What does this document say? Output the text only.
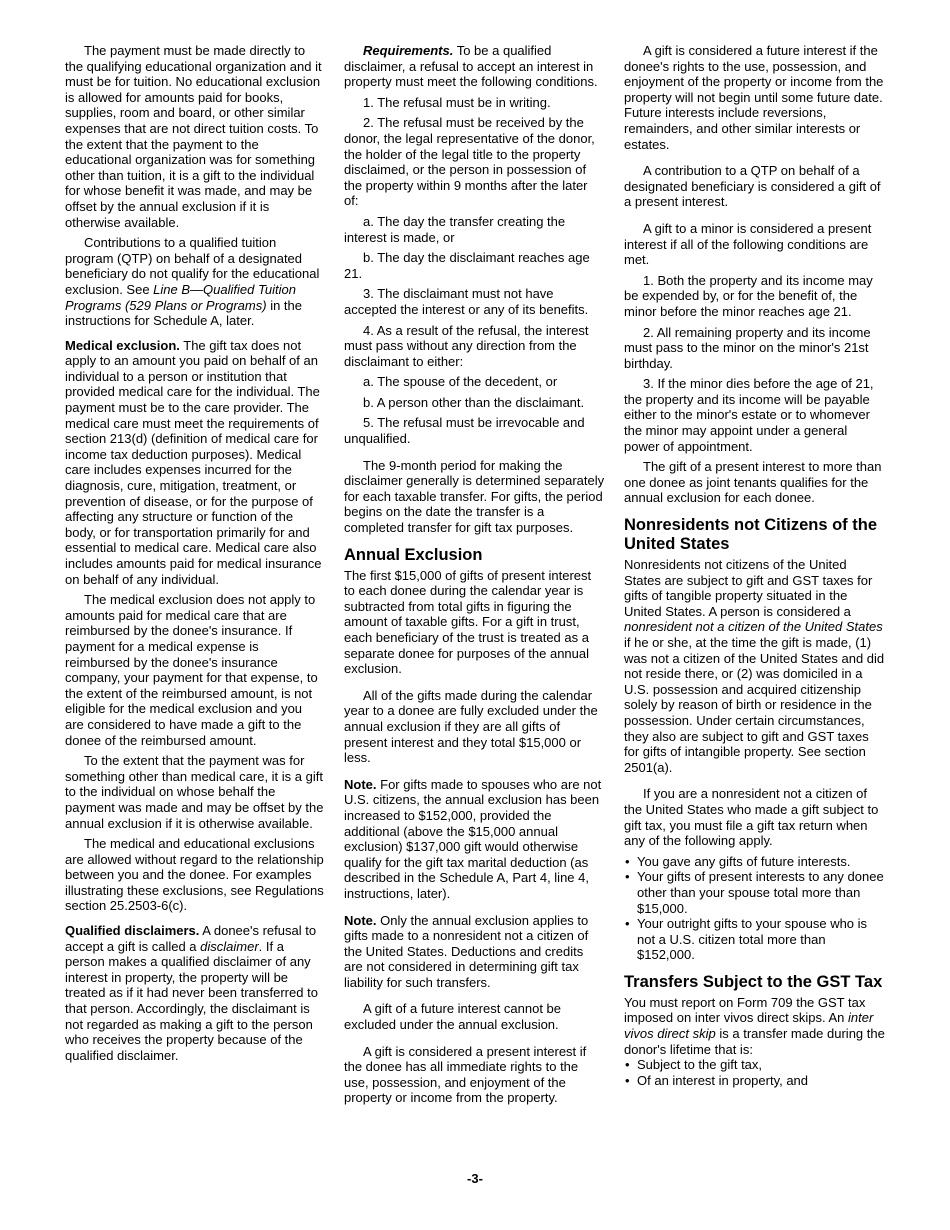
The payment must be made directly to the qualifying educational organization and it must be for tuition. No educational exclusion is allowed for amounts paid for books, supplies, room and board, or other similar expenses that are not direct tuition costs. To the extent that the payment to the educational organization was for something other than tuition, it is a gift to the individual for whose benefit it was made, and may be offset by the annual exclusion if it is otherwise available.

Contributions to a qualified tuition program (QTP) on behalf of a designated beneficiary do not qualify for the educational exclusion. See Line B—Qualified Tuition Programs (529 Plans or Programs) in the instructions for Schedule A, later.

Medical exclusion. The gift tax does not apply to an amount you paid on behalf of an individual to a person or institution that provided medical care for the individual. The payment must be to the care provider. The medical care must meet the requirements of section 213(d) (definition of medical care for income tax deduction purposes). Medical care includes expenses incurred for the diagnosis, cure, mitigation, treatment, or prevention of disease, or for the purpose of affecting any structure or function of the body, or for transportation primarily for and essential to medical care. Medical care also includes amounts paid for medical insurance on behalf of any individual.

The medical exclusion does not apply to amounts paid for medical care that are reimbursed by the donee's insurance. If payment for a medical expense is reimbursed by the donee's insurance company, your payment for that expense, to the extent of the reimbursed amount, is not eligible for the medical exclusion and you are considered to have made a gift to the donee of the reimbursed amount.

To the extent that the payment was for something other than medical care, it is a gift to the individual on whose behalf the payment was made and may be offset by the annual exclusion if it is otherwise available.

The medical and educational exclusions are allowed without regard to the relationship between you and the donee. For examples illustrating these exclusions, see Regulations section 25.2503-6(c).

Qualified disclaimers. A donee's refusal to accept a gift is called a disclaimer. If a person makes a qualified disclaimer of any interest in property, the property will be treated as if it had never been transferred to that person. Accordingly, the disclaimant is not regarded as making a gift to the person who receives the property because of the qualified disclaimer.

Requirements. To be a qualified disclaimer, a refusal to accept an interest in property must meet the following conditions.

1. The refusal must be in writing.

2. The refusal must be received by the donor, the legal representative of the donor, the holder of the legal title to the property disclaimed, or the person in possession of the property within 9 months after the later of:

a. The day the transfer creating the interest is made, or

b. The day the disclaimant reaches age 21.

3. The disclaimant must not have accepted the interest or any of its benefits.

4. As a result of the refusal, the interest must pass without any direction from the disclaimant to either:

a. The spouse of the decedent, or

b. A person other than the disclaimant.

5. The refusal must be irrevocable and unqualified.

The 9-month period for making the disclaimer generally is determined separately for each taxable transfer. For gifts, the period begins on the date the transfer is a completed transfer for gift tax purposes.

Annual Exclusion

The first $15,000 of gifts of present interest to each donee during the calendar year is subtracted from total gifts in figuring the amount of taxable gifts. For a gift in trust, each beneficiary of the trust is treated as a separate donee for purposes of the annual exclusion.

All of the gifts made during the calendar year to a donee are fully excluded under the annual exclusion if they are all gifts of present interest and they total $15,000 or less.

Note. For gifts made to spouses who are not U.S. citizens, the annual exclusion has been increased to $152,000, provided the additional (above the $15,000 annual exclusion) $137,000 gift would otherwise qualify for the gift tax marital deduction (as described in the Schedule A, Part 4, line 4, instructions, later).

Note. Only the annual exclusion applies to gifts made to a nonresident not a citizen of the United States. Deductions and credits are not considered in determining gift tax liability for such transfers.

A gift of a future interest cannot be excluded under the annual exclusion.

A gift is considered a present interest if the donee has all immediate rights to the use, possession, and enjoyment of the property or income from the property.

A gift is considered a future interest if the donee's rights to the use, possession, and enjoyment of the property or income from the property will not begin until some future date. Future interests include reversions, remainders, and other similar interests or estates.

A contribution to a QTP on behalf of a designated beneficiary is considered a gift of a present interest.

A gift to a minor is considered a present interest if all of the following conditions are met.

1. Both the property and its income may be expended by, or for the benefit of, the minor before the minor reaches age 21.

2. All remaining property and its income must pass to the minor on the minor's 21st birthday.

3. If the minor dies before the age of 21, the property and its income will be payable either to the minor's estate or to whomever the minor may appoint under a general power of appointment.

The gift of a present interest to more than one donee as joint tenants qualifies for the annual exclusion for each donee.

Nonresidents not Citizens of the United States

Nonresidents not citizens of the United States are subject to gift and GST taxes for gifts of tangible property situated in the United States. A person is considered a nonresident not a citizen of the United States if he or she, at the time the gift is made, (1) was not a citizen of the United States and did not reside there, or (2) was domiciled in a U.S. possession and acquired citizenship solely by reason of birth or residence in the possession. Under certain circumstances, they also are subject to gift and GST taxes for gifts of intangible property. See section 2501(a).

If you are a nonresident not a citizen of the United States who made a gift subject to gift tax, you must file a gift tax return when any of the following apply.

• You gave any gifts of future interests.

• Your gifts of present interests to any donee other than your spouse total more than $15,000.

• Your outright gifts to your spouse who is not a U.S. citizen total more than $152,000.

Transfers Subject to the GST Tax

You must report on Form 709 the GST tax imposed on inter vivos direct skips. An inter vivos direct skip is a transfer made during the donor's lifetime that is:

• Subject to the gift tax,

• Of an interest in property, and

-3-
